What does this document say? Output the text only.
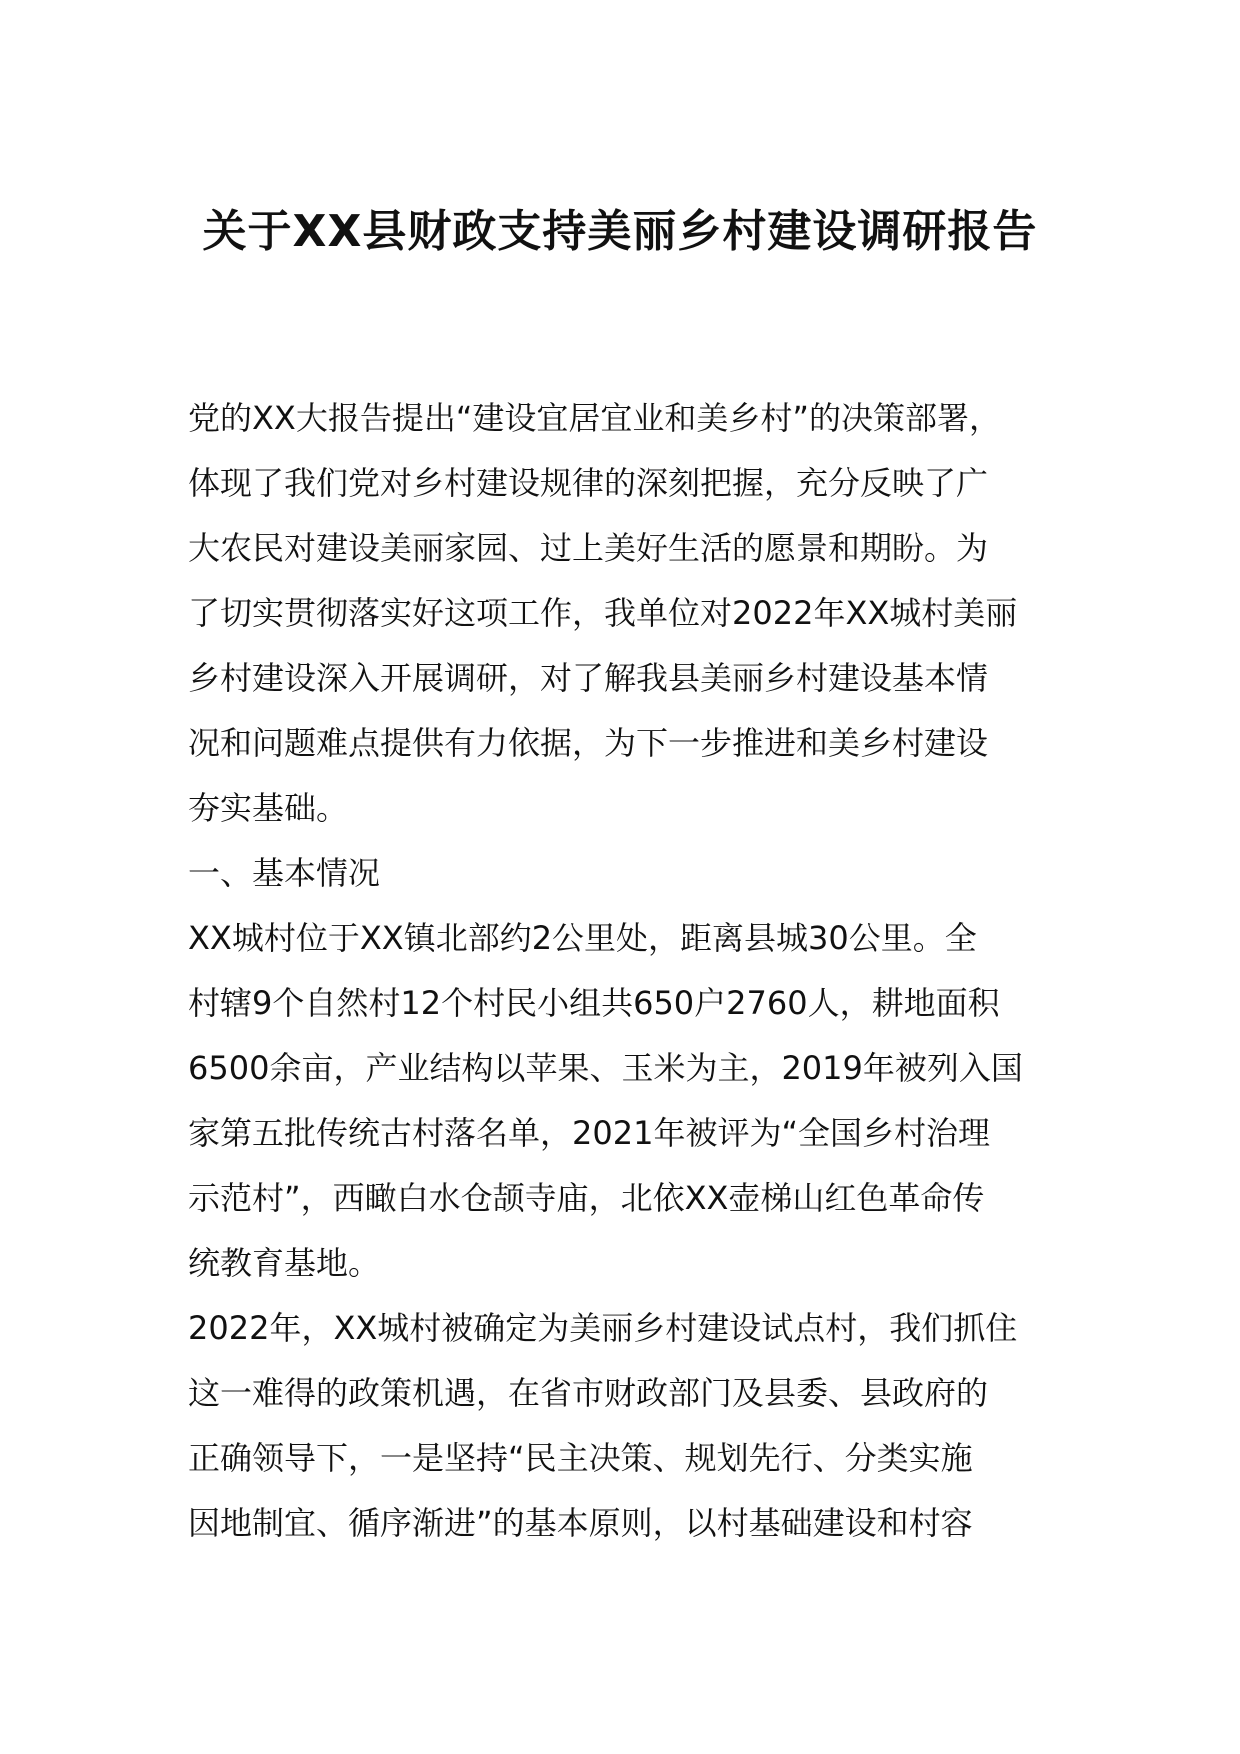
关于XX县财政支持美丽乡村建设调研报告
党的XX大报告提出“建设宜居宜业和美乡村”的决策部署，
体现了我们党对乡村建设规律的深刻把握，充分反映了广
大农民对建设美丽家园、过上美好生活的愿景和期盼。为
了切实贯彻落实好这项工作，我单位对2022年XX城村美丽
乡村建设深入开展调研，对了解我县美丽乡村建设基本情
况和问题难点提供有力依据，为下一步推进和美乡村建设
夯实基础。
一、基本情况
XX城村位于XX镇北部约2公里处，距离县城30公里。全
村辖9个自然村12个村民小组共650户2760人，耕地面积
6500余亩，产业结构以苹果、玉米为主，2019年被列入国
家第五批传统古村落名单，2021年被评为“全国乡村治理
示范村”，西瞰白水仓颉寺庙，北依XX壶梯山红色革命传
统教育基地。
2022年，XX城村被确定为美丽乡村建设试点村，我们抓住
这一难得的政策机遇，在省市财政部门及县委、县政府的
正确领导下，一是坚持“民主决策、规划先行、分类实施
因地制宜、循序渐进”的基本原则，以村基础建设和村容
